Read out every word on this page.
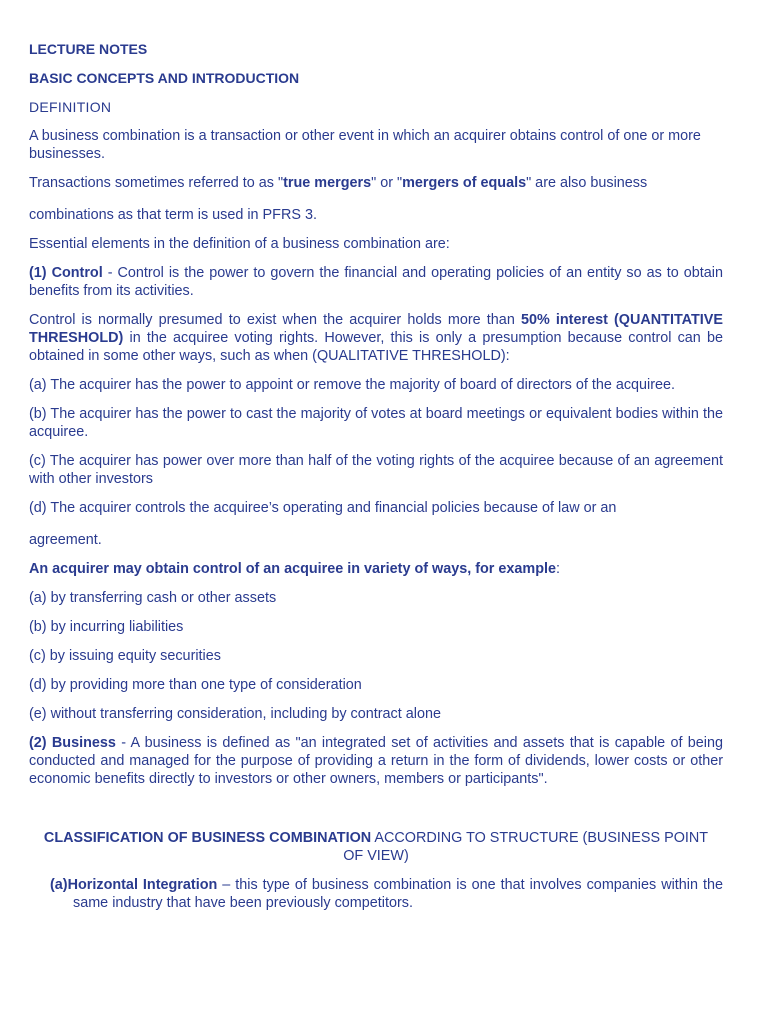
LECTURE NOTES
BASIC CONCEPTS AND INTRODUCTION
DEFINITION
A business combination is a transaction or other event in which an acquirer obtains control of one or more businesses.
Transactions sometimes referred to as "true mergers" or "mergers of equals" are also business
combinations as that term is used in PFRS 3.
Essential elements in the definition of a business combination are:
(1) Control - Control is the power to govern the financial and operating policies of an entity so as to obtain benefits from its activities.
Control is normally presumed to exist when the acquirer holds more than 50% interest (QUANTITATIVE THRESHOLD) in the acquiree voting rights. However, this is only a presumption because control can be obtained in some other ways, such as when (QUALITATIVE THRESHOLD):
(a) The acquirer has the power to appoint or remove the majority of board of directors of the acquiree.
(b) The acquirer has the power to cast the majority of votes at board meetings or equivalent bodies within the acquiree.
(c) The acquirer has power over more than half of the voting rights of the acquiree because of an agreement with other investors
(d) The acquirer controls the acquiree’s operating and financial policies because of law or an
agreement.
An acquirer may obtain control of an acquiree in variety of ways, for example:
(a) by transferring cash or other assets
(b) by incurring liabilities
(c) by issuing equity securities
(d) by providing more than one type of consideration
(e) without transferring consideration, including by contract alone
(2) Business - A business is defined as "an integrated set of activities and assets that is capable of being conducted and managed for the purpose of providing a return in the form of dividends, lower costs or other economic benefits directly to investors or other owners, members or participants".
CLASSIFICATION OF BUSINESS COMBINATION ACCORDING TO STRUCTURE (BUSINESS POINT OF VIEW)
(a)Horizontal Integration – this type of business combination is one that involves companies within the same industry that have been previously competitors.
